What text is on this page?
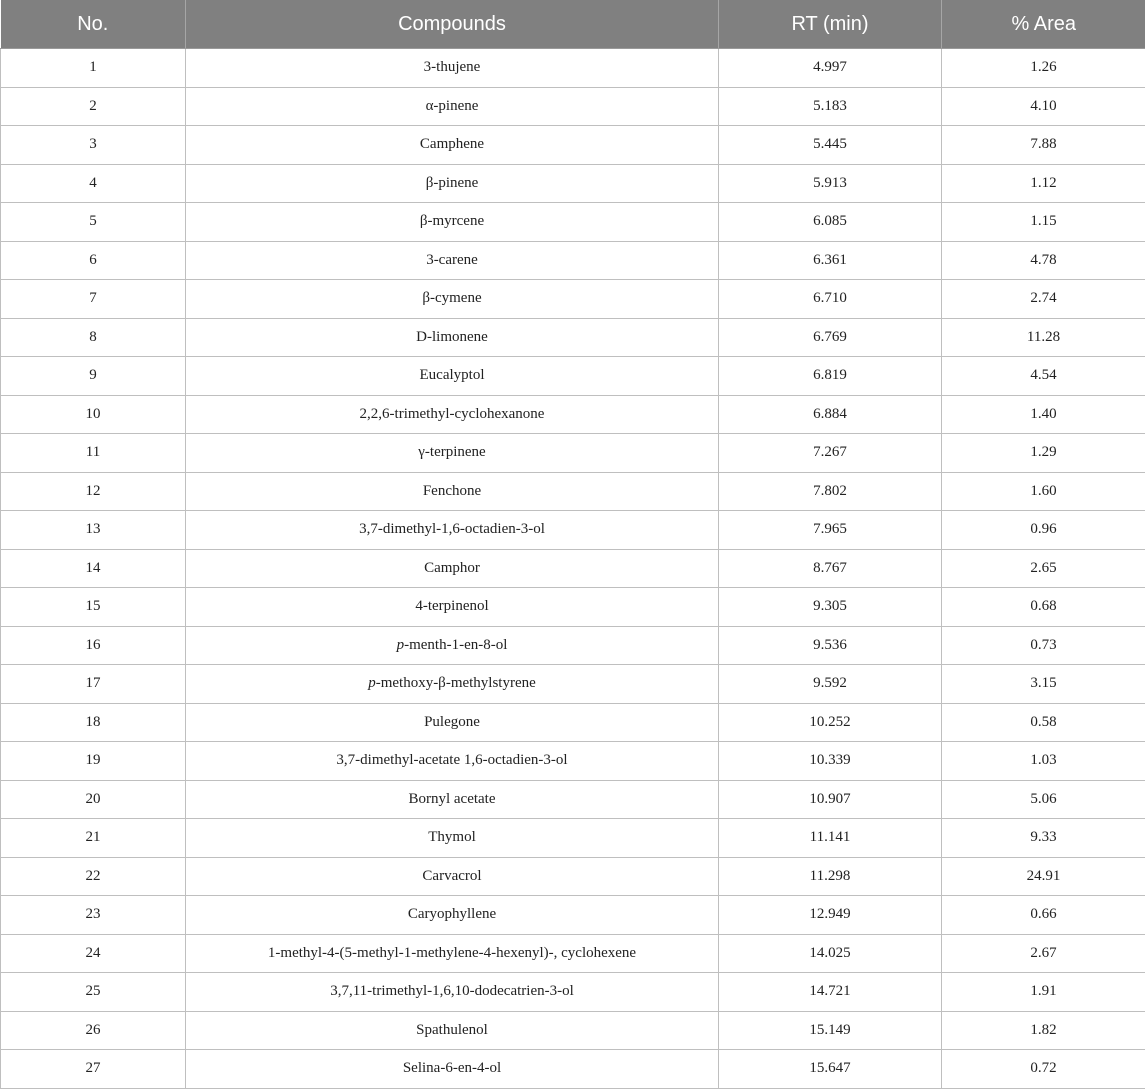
No.	Compounds	RT (min)	% Area
1	3-thujene	4.997	1.26
2	α-pinene	5.183	4.10
3	Camphene	5.445	7.88
4	β-pinene	5.913	1.12
5	β-myrcene	6.085	1.15
6	3-carene	6.361	4.78
7	β-cymene	6.710	2.74
8	D-limonene	6.769	11.28
9	Eucalyptol	6.819	4.54
10	2,2,6-trimethyl-cyclohexanone	6.884	1.40
11	γ-terpinene	7.267	1.29
12	Fenchone	7.802	1.60
13	3,7-dimethyl-1,6-octadien-3-ol	7.965	0.96
14	Camphor	8.767	2.65
15	4-terpinenol	9.305	0.68
16	p-menth-1-en-8-ol	9.536	0.73
17	p-methoxy-β-methylstyrene	9.592	3.15
18	Pulegone	10.252	0.58
19	3,7-dimethyl-acetate 1,6-octadien-3-ol	10.339	1.03
20	Bornyl acetate	10.907	5.06
21	Thymol	11.141	9.33
22	Carvacrol	11.298	24.91
23	Caryophyllene	12.949	0.66
24	1-methyl-4-(5-methyl-1-methylene-4-hexenyl)-, cyclohexene	14.025	2.67
25	3,7,11-trimethyl-1,6,10-dodecatrien-3-ol	14.721	1.91
26	Spathulenol	15.149	1.82
27	Selina-6-en-4-ol	15.647	0.72
